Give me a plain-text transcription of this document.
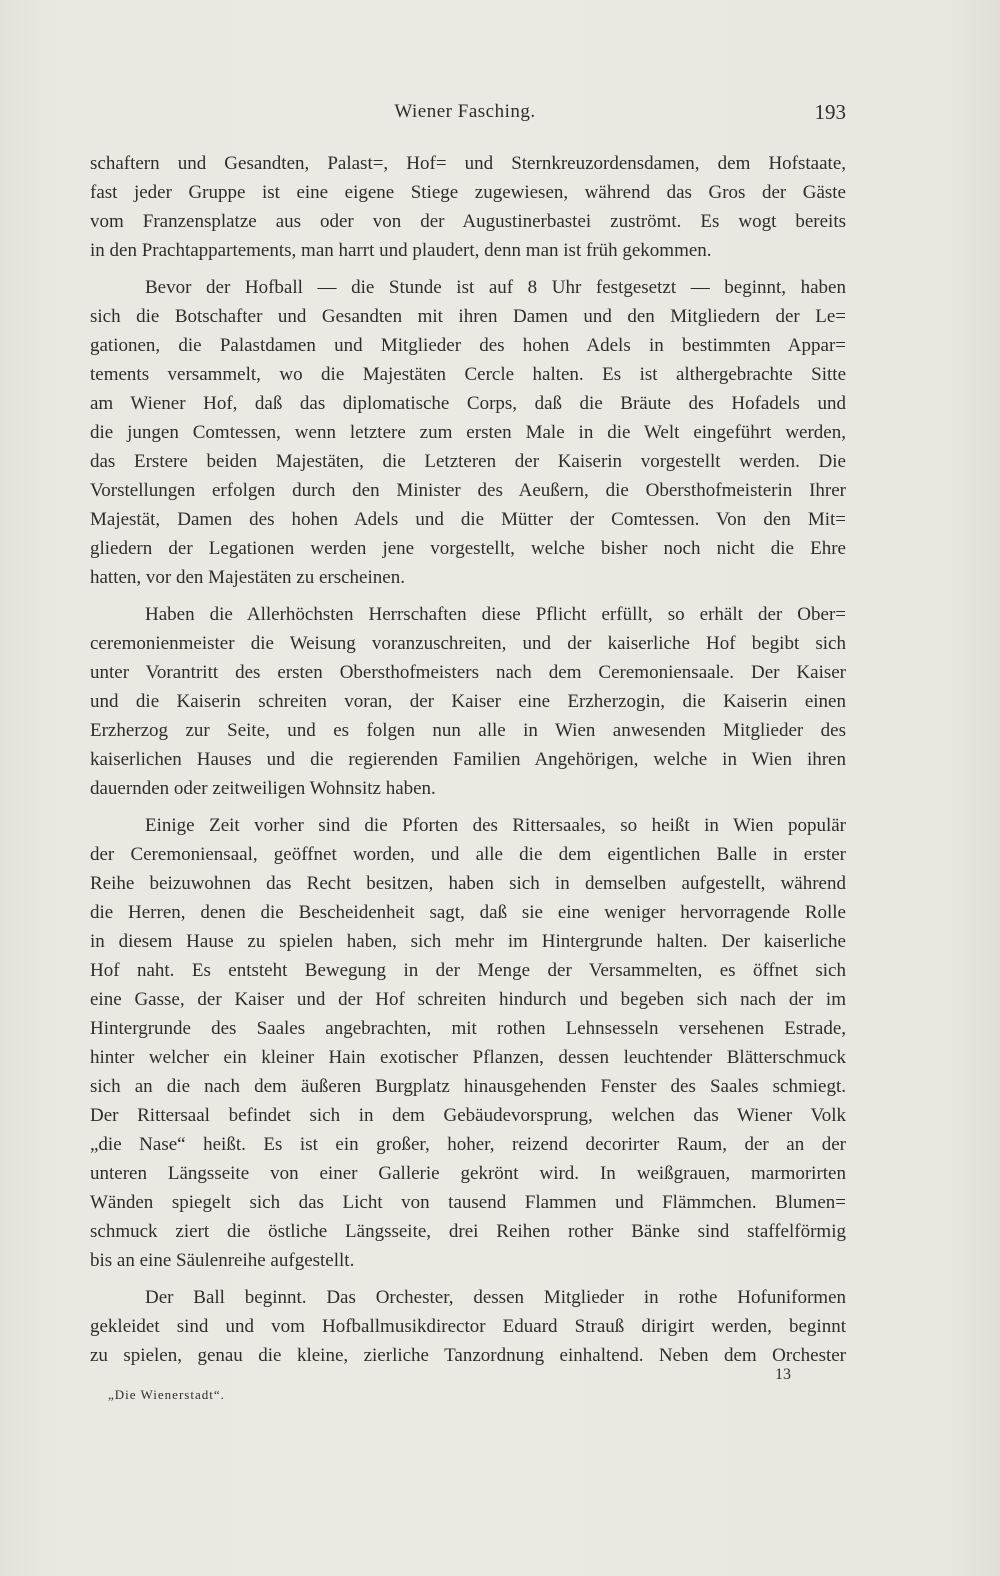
Wiener Fasching.	193
schaftern und Gesandten, Palast=, Hof= und Sternkreuzordensdamen, dem Hofstaate,
fast jeder Gruppe ist eine eigene Stiege zugewiesen, während das Gros der Gäste
vom Franzensplatze aus oder von der Augustinerbastei zuströmt. Es wogt bereits
in den Prachtappartements, man harrt und plaudert, denn man ist früh gekommen.
Bevor der Hofball — die Stunde ist auf 8 Uhr festgesetzt — beginnt, haben
sich die Botschafter und Gesandten mit ihren Damen und den Mitgliedern der Le=
gationen, die Palastdamen und Mitglieder des hohen Adels in bestimmten Appar=
tements versammelt, wo die Majestäten Cercle halten. Es ist althergebrachte Sitte
am Wiener Hof, daß das diplomatische Corps, daß die Bräute des Hofadels und
die jungen Comtessen, wenn letztere zum ersten Male in die Welt eingeführt werden,
das Erstere beiden Majestäten, die Letzteren der Kaiserin vorgestellt werden. Die
Vorstellungen erfolgen durch den Minister des Aeußern, die Obersthofmeisterin Ihrer
Majestät, Damen des hohen Adels und die Mütter der Comtessen. Von den Mit=
gliedern der Legationen werden jene vorgestellt, welche bisher noch nicht die Ehre
hatten, vor den Majestäten zu erscheinen.
Haben die Allerhöchsten Herrschaften diese Pflicht erfüllt, so erhält der Ober=
ceremonienmeister die Weisung voranzuschreiten, und der kaiserliche Hof begibt sich
unter Vorantritt des ersten Obersthofmeisters nach dem Ceremoniensaale. Der Kaiser
und die Kaiserin schreiten voran, der Kaiser eine Erzherzogin, die Kaiserin einen
Erzherzog zur Seite, und es folgen nun alle in Wien anwesenden Mitglieder des
kaiserlichen Hauses und die regierenden Familien Angehörigen, welche in Wien ihren
dauernden oder zeitweiligen Wohnsitz haben.
Einige Zeit vorher sind die Pforten des Rittersaales, so heißt in Wien populär
der Ceremoniensaal, geöffnet worden, und alle die dem eigentlichen Balle in erster
Reihe beizuwohnen das Recht besitzen, haben sich in demselben aufgestellt, während
die Herren, denen die Bescheidenheit sagt, daß sie eine weniger hervorragende Rolle
in diesem Hause zu spielen haben, sich mehr im Hintergrunde halten. Der kaiserliche
Hof naht. Es entsteht Bewegung in der Menge der Versammelten, es öffnet sich
eine Gasse, der Kaiser und der Hof schreiten hindurch und begeben sich nach der im
Hintergrunde des Saales angebrachten, mit rothen Lehnsesseln versehenen Estrade,
hinter welcher ein kleiner Hain exotischer Pflanzen, dessen leuchtender Blätterschmuck
sich an die nach dem äußeren Burgplatz hinausgehenden Fenster des Saales schmiegt.
Der Rittersaal befindet sich in dem Gebäudevorsprung, welchen das Wiener Volk
„die Nase“ heißt. Es ist ein großer, hoher, reizend decorirter Raum, der an der
unteren Längsseite von einer Gallerie gekrönt wird. In weißgrauen, marmorirten
Wänden spiegelt sich das Licht von tausend Flammen und Flämmchen. Blumen=
schmuck ziert die östliche Längsseite, drei Reihen rother Bänke sind staffelförmig
bis an eine Säulenreihe aufgestellt.
Der Ball beginnt. Das Orchester, dessen Mitglieder in rothe Hofuniformen
gekleidet sind und vom Hofballmusikdirector Eduard Strauß dirigirt werden, beginnt
zu spielen, genau die kleine, zierliche Tanzordnung einhaltend. Neben dem Orchester
13
„Die Wienerstadt“.
